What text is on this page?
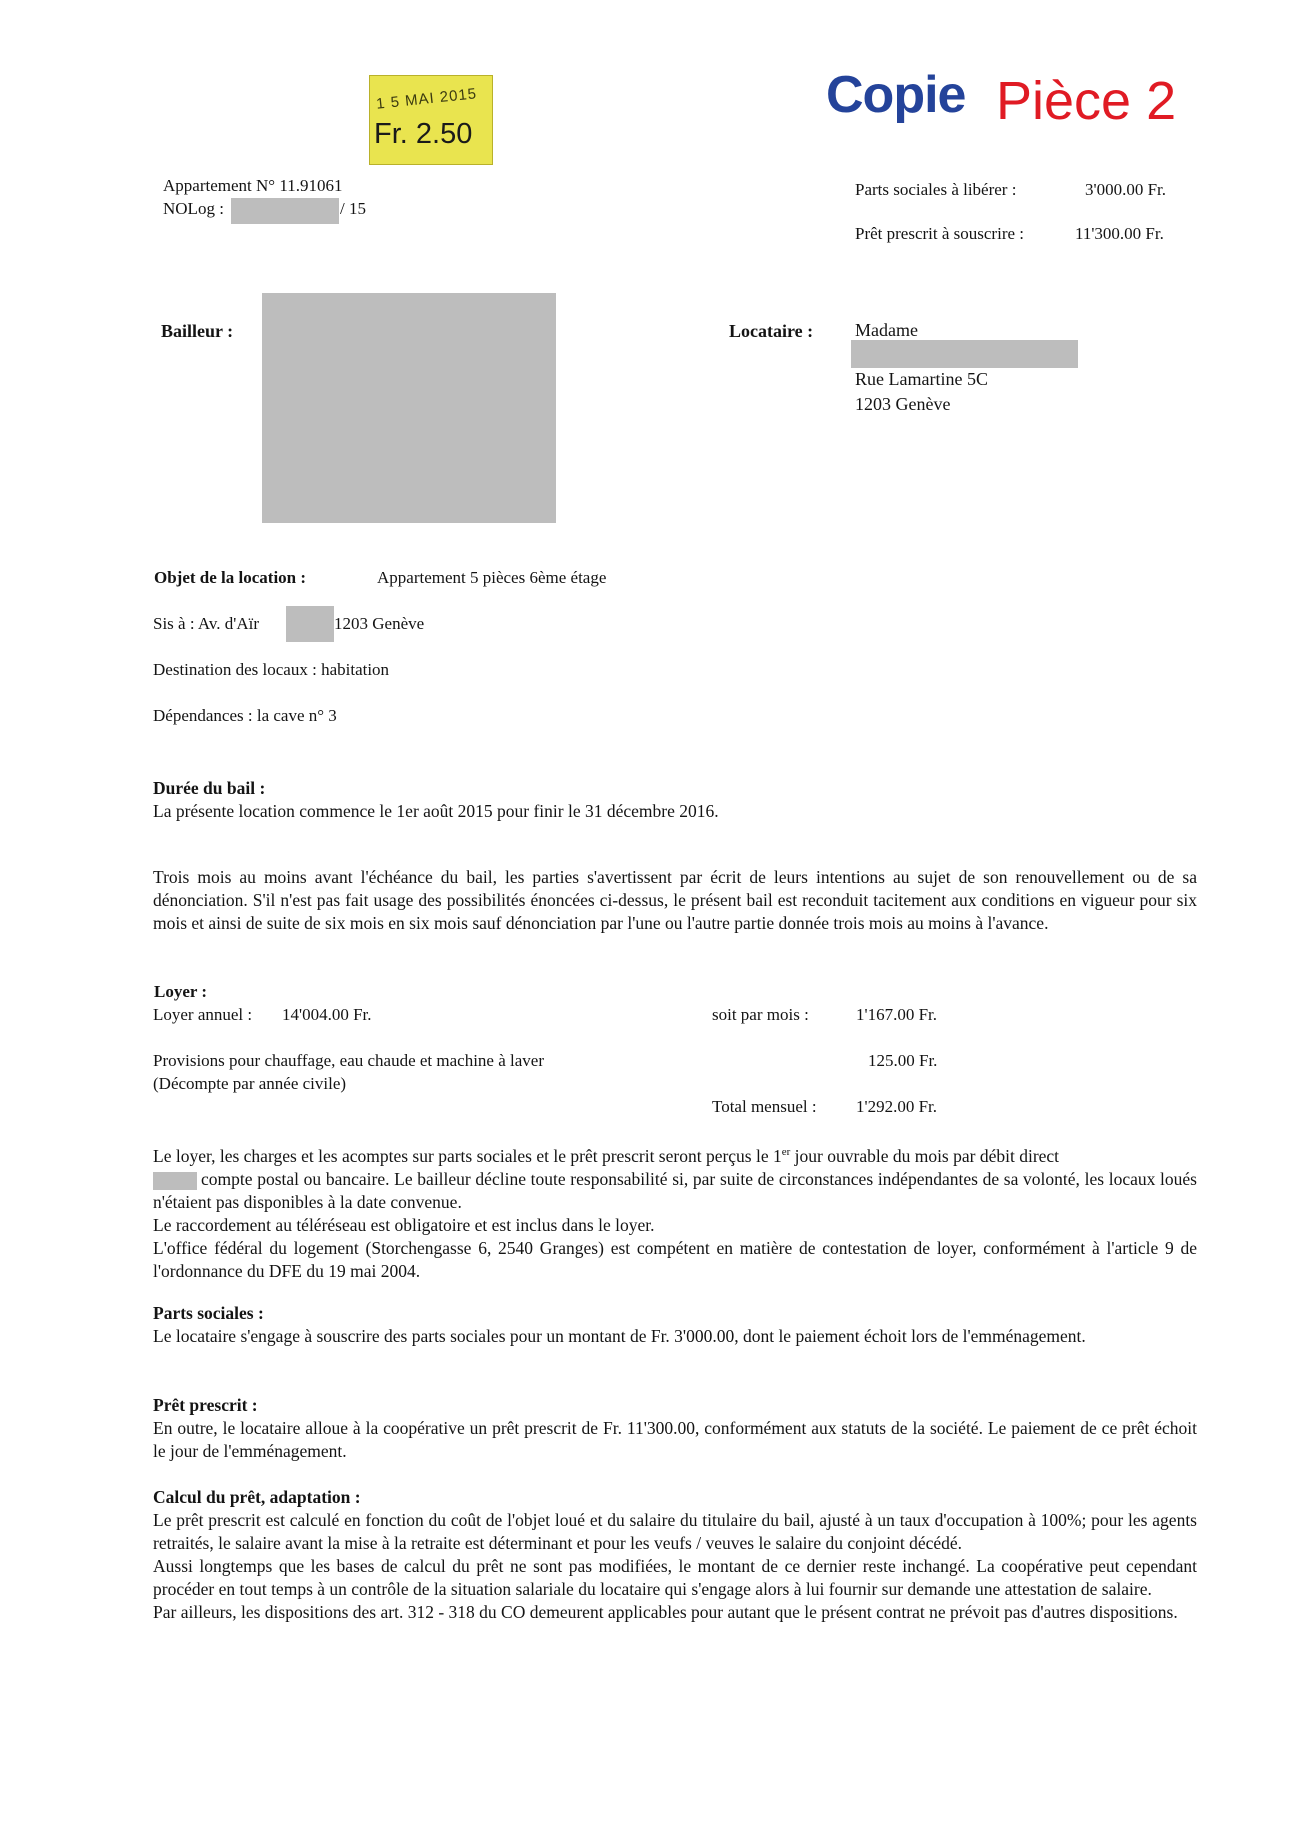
1 5 MAI 2015
Fr. 2.50
Copie Pièce 2
Appartement N° 11.91061
NOLog :	/ 15
Parts sociales à libérer :	3'000.00 Fr.
Prêt prescrit à souscrire :	11'300.00 Fr.
Bailleur :	Locataire : Madame
Rue Lamartine 5C
1203 Genève
Objet de la location :	Appartement 5 pièces 6ème étage
Sis à : Av. d'Aïr	1203 Genève
Destination des locaux : habitation
Dépendances : la cave n° 3
Durée du bail :

La présente location commence le 1er août 2015 pour finir le 31 décembre 2016.

Trois mois au moins avant l'échéance du bail, les parties s'avertissent par écrit de leurs intentions au sujet de son renouvellement ou de sa dénonciation. S'il n'est pas fait usage des possibilités énoncées ci-dessus, le présent bail est reconduit tacitement aux conditions en vigueur pour six mois et ainsi de suite de six mois en six mois sauf dénonciation par l'une ou l'autre partie donnée trois mois au moins à l'avance.

Loyer :
Loyer annuel : 14'004.00 Fr.	soit par mois :	1'167.00 Fr.
Provisions pour chauffage, eau chaude et machine à laver
(Décompte par année civile)
125.00 Fr.
Total mensuel : 1'292.00 Fr.

Le loyer, les charges et les acomptes sur parts sociales et le prêt prescrit seront perçus le 1er jour ouvrable du mois par débit direct
compte postal ou bancaire. Le bailleur décline toute responsabilité si, par suite de circonstances indépendantes de sa volonté, les locaux loués n'étaient pas disponibles à la date convenue.

Le raccordement au téléréseau est obligatoire et est inclus dans le loyer.

L'office fédéral du logement (Storchengasse 6, 2540 Granges) est compétent en matière de contestation de loyer, conformément à l'article 9 de l'ordonnance du DFE du 19 mai 2004.

Parts sociales :

Le locataire s'engage à souscrire des parts sociales pour un montant de Fr. 3'000.00, dont le paiement échoit lors de l'emménagement.

Prêt prescrit :

En outre, le locataire alloue à la coopérative un prêt prescrit de Fr. 11'300.00, conformément aux statuts de la société. Le paiement de ce prêt échoit le jour de l'emménagement.

Calcul du prêt, adaptation :

Le prêt prescrit est calculé en fonction du coût de l'objet loué et du salaire du titulaire du bail, ajusté à un taux d'occupation à 100%; pour les agents retraités, le salaire avant la mise à la retraite est déterminant et pour les veufs / veuves le salaire du conjoint décédé.

Aussi longtemps que les bases de calcul du prêt ne sont pas modifiées, le montant de ce dernier reste inchangé. La coopérative peut cependant procéder en tout temps à un contrôle de la situation salariale du locataire qui s'engage alors à lui fournir sur demande une attestation de salaire.

Par ailleurs, les dispositions des art. 312 - 318 du CO demeurent applicables pour autant que le présent contrat ne prévoit pas d'autres dispositions.
